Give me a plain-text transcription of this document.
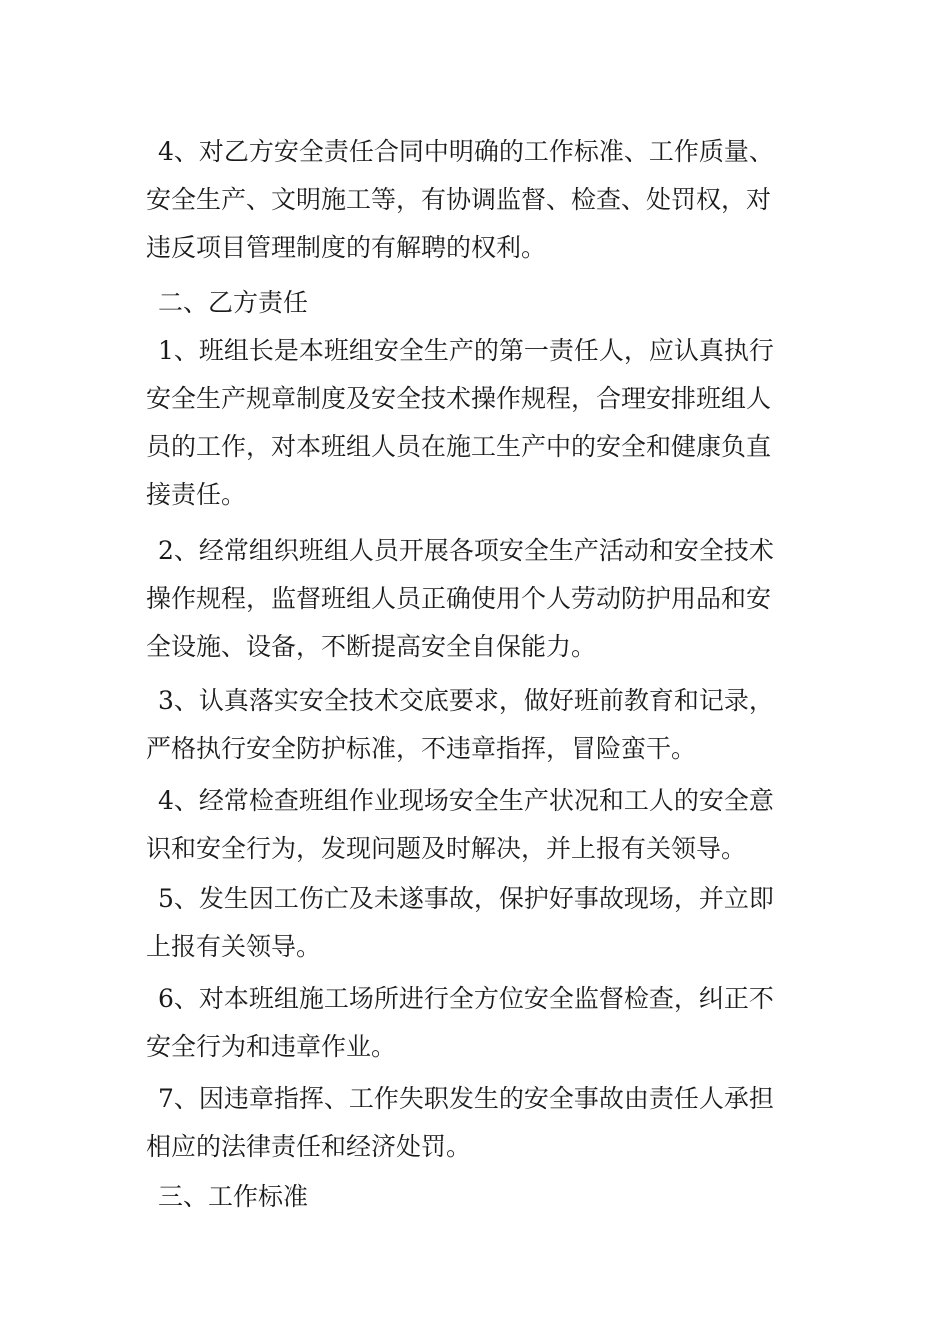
4、对乙方安全责任合同中明确的工作标准、工作质量、
安全生产、文明施工等，有协调监督、检查、处罚权，对
违反项目管理制度的有解聘的权利。
二、乙方责任
1、班组长是本班组安全生产的第一责任人，应认真执行
安全生产规章制度及安全技术操作规程，合理安排班组人
员的工作，对本班组人员在施工生产中的安全和健康负直
接责任。
2、经常组织班组人员开展各项安全生产活动和安全技术
操作规程，监督班组人员正确使用个人劳动防护用品和安
全设施、设备，不断提高安全自保能力。
3、认真落实安全技术交底要求，做好班前教育和记录，
严格执行安全防护标准，不违章指挥，冒险蛮干。
4、经常检查班组作业现场安全生产状况和工人的安全意
识和安全行为，发现问题及时解决，并上报有关领导。
5、发生因工伤亡及未遂事故，保护好事故现场，并立即
上报有关领导。
6、对本班组施工场所进行全方位安全监督检查，纠正不
安全行为和违章作业。
7、因违章指挥、工作失职发生的安全事故由责任人承担
相应的法律责任和经济处罚。
三、工作标准
